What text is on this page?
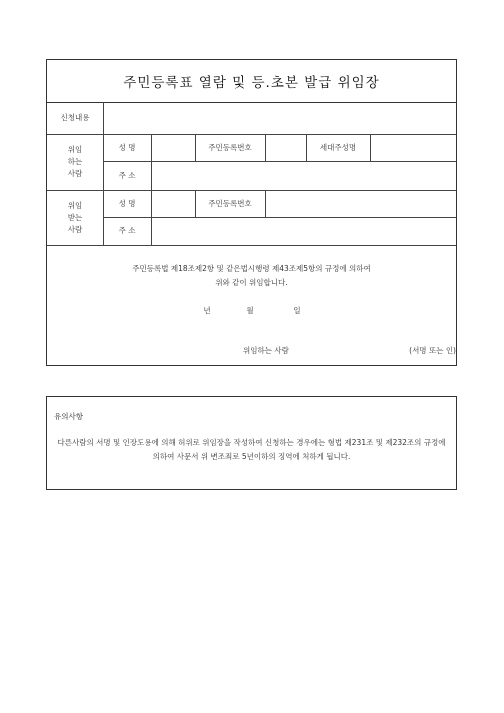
주민등록표 열람 및 등.초본 발급 위임장
신청내용
위임
하는
사람
성 명	주민등록번호	세대주성명
주 소
위임
받는
사람
성 명	주민등록번호
주 소
주민등록법 제18조제2항 및 같은법시행령 제43조제5항의 규정에 의하여
위와 같이 위임합니다.
년	월	일
위임하는 사람	(서명 또는 인)
유의사항
다른사람의 서명 및 인장도용에 의해 허위로 위임장을 작성하여 신청하는 경우에는 형법 제231조 및 제232조의 규정에 의하여 사문서 위 변조죄로 5년이하의 징역에 처하게 됩니다.
